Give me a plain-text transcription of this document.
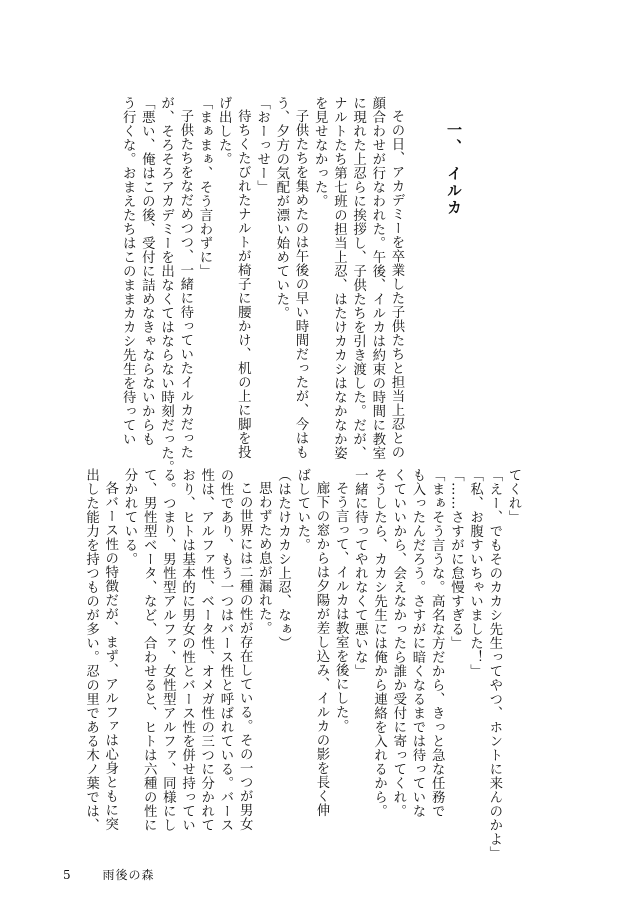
一、　イルカ

その日、アカデミーを卒業した子供たちと担当上忍との

顔合わせが行なわれた。午後、イルカは約束の時間に教室

に現れた上忍らに挨拶し、子供たちを引き渡した。だが、

ナルトたち第七班の担当上忍、はたけカカシはなかなか姿

を見せなかった。

子供たちを集めたのは午後の早い時間だったが、今はも

う、夕方の気配が漂い始めていた。

「おーっせー」

待ちくたびれたナルトが椅子に腰かけ、机の上に脚を投

げ出した。

「まぁまぁ、そう言わずに」

子供たちをなだめつつ、一緒に待っていたイルカだった

が、そろそろアカデミーを出なくてはならない時刻だった。

「悪い、俺はこの後、受付に詰めなきゃならないからも

う行くな。おまえたちはこのままカカシ先生を待ってい

てくれ」

「えー、でもそのカカシ先生ってやつ、ホントに来んのかよ」

「私、お腹すいちゃいました！」

「……さすがに怠慢すぎる」

「まぁそう言うな。高名な方だから、きっと急な任務で

も入ったんだろう。さすがに暗くなるまでは待っていな

くていいから、会えなかったら誰か受付に寄ってくれ。

そうしたら、カカシ先生には俺から連絡を入れるから。

一緒に待ってやれなくて悪いな」

そう言って、イルカは教室を後にした。

廊下の窓からは夕陽が差し込み、イルカの影を長く伸

ばしていた。

（はたけカカシ上忍、なぁ）

思わずため息が漏れた。

この世界には二種の性が存在している。その一つが男女

の性であり、もう一つはバース性と呼ばれている。バース

性は、アルファ性、ベータ性、オメガ性の三つに分かれて

おり、ヒトは基本的に男女の性とバース性を併せ持ってい

る。つまり、男性型アルファ、女性型アルファ、同様にし

て、男性型ベータ、など、合わせると、ヒトは六種の性に

分かれている。

各バース性の特徴だが、まず、アルファは心身ともに突

出した能力を持つものが多い。忍の里である木ノ葉では、

5	雨後の森
